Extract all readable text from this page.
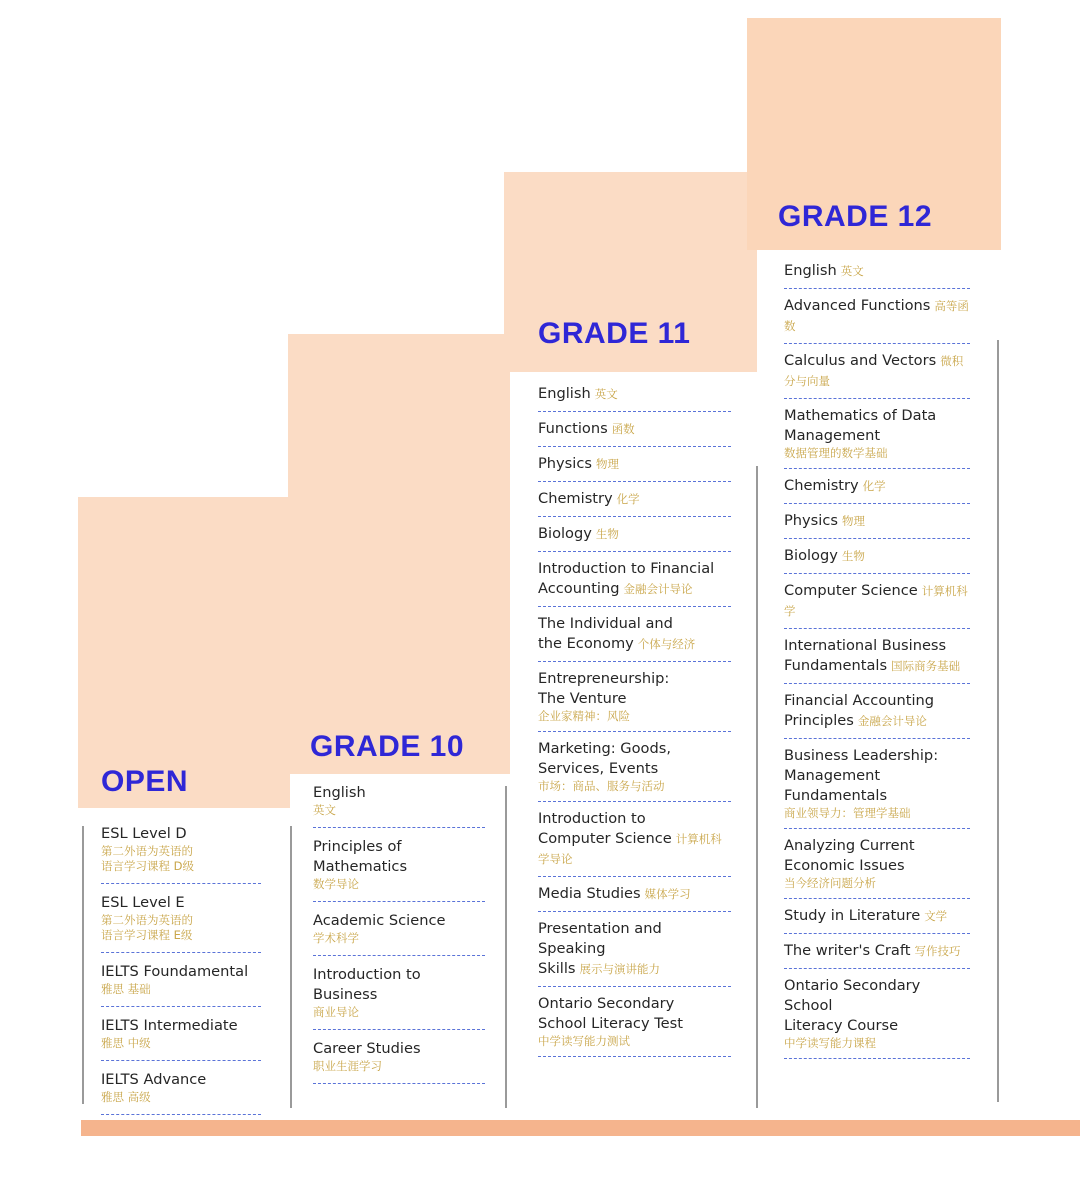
OPEN
GRADE 10
GRADE 11
GRADE 12
ESL Level D
第二外语为英语的
语言学习课程 D级
ESL Level E
第二外语为英语的
语言学习课程 E级
IELTS Foundamental
雅思 基础
IELTS Intermediate
雅思 中级
IELTS Advance
雅思 高级
English
英文
Principles of
Mathematics
数学导论
Academic Science
学术科学
Introduction to
Business
商业导论
Career Studies
职业生涯学习
English 英文
Functions 函数
Physics 物理
Chemistry 化学
Biology 生物
Introduction to Financial
Accounting 金融会计导论
The Individual and
the Economy 个体与经济
Entrepreneurship:
The Venture
企业家精神：风险
Marketing: Goods,
Services, Events
市场：商品、服务与活动
Introduction to
Computer Science 计算机科学导论
Media Studies 媒体学习
Presentation and Speaking
Skills 展示与演讲能力
Ontario Secondary
School Literacy Test
中学读写能力测试
English 英文
Advanced Functions 高等函数
Calculus and Vectors 微积分与向量
Mathematics of Data
Management
数据管理的数学基础
Chemistry 化学
Physics 物理
Biology 生物
Computer Science 计算机科学
International Business
Fundamentals 国际商务基础
Financial Accounting
Principles 金融会计导论
Business Leadership:
Management
Fundamentals
商业领导力：管理学基础
Analyzing Current
Economic Issues
当今经济问题分析
Study in Literature 文学
The writer's Craft 写作技巧
Ontario Secondary School
Literacy Course
中学读写能力课程
